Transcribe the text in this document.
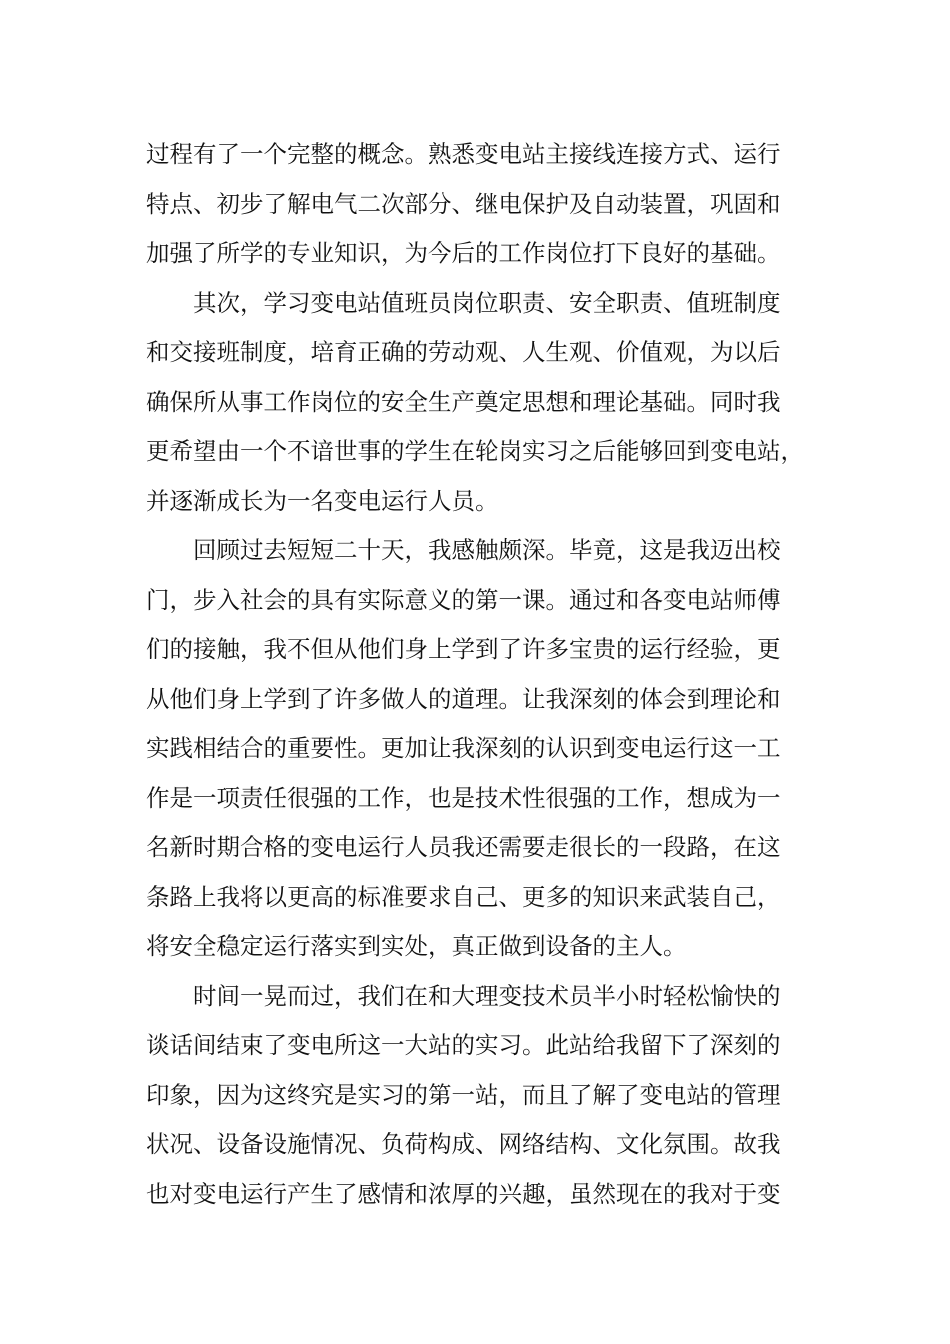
过程有了一个完整的概念。熟悉变电站主接线连接方式、运行
特点、初步了解电气二次部分、继电保护及自动装置，巩固和
加强了所学的专业知识，为今后的工作岗位打下良好的基础。
其次，学习变电站值班员岗位职责、安全职责、值班制度
和交接班制度，培育正确的劳动观、人生观、价值观，为以后
确保所从事工作岗位的安全生产奠定思想和理论基础。同时我
更希望由一个不谙世事的学生在轮岗实习之后能够回到变电站，
并逐渐成长为一名变电运行人员。
回顾过去短短二十天，我感触颇深。毕竟，这是我迈出校
门，步入社会的具有实际意义的第一课。通过和各变电站师傅
们的接触，我不但从他们身上学到了许多宝贵的运行经验，更
从他们身上学到了许多做人的道理。让我深刻的体会到理论和
实践相结合的重要性。更加让我深刻的认识到变电运行这一工
作是一项责任很强的工作，也是技术性很强的工作，想成为一
名新时期合格的变电运行人员我还需要走很长的一段路，在这
条路上我将以更高的标准要求自己、更多的知识来武装自己，
将安全稳定运行落实到实处，真正做到设备的主人。
时间一晃而过，我们在和大理变技术员半小时轻松愉快的
谈话间结束了变电所这一大站的实习。此站给我留下了深刻的
印象，因为这终究是实习的第一站，而且了解了变电站的管理
状况、设备设施情况、负荷构成、网络结构、文化氛围。故我
也对变电运行产生了感情和浓厚的兴趣，虽然现在的我对于变
